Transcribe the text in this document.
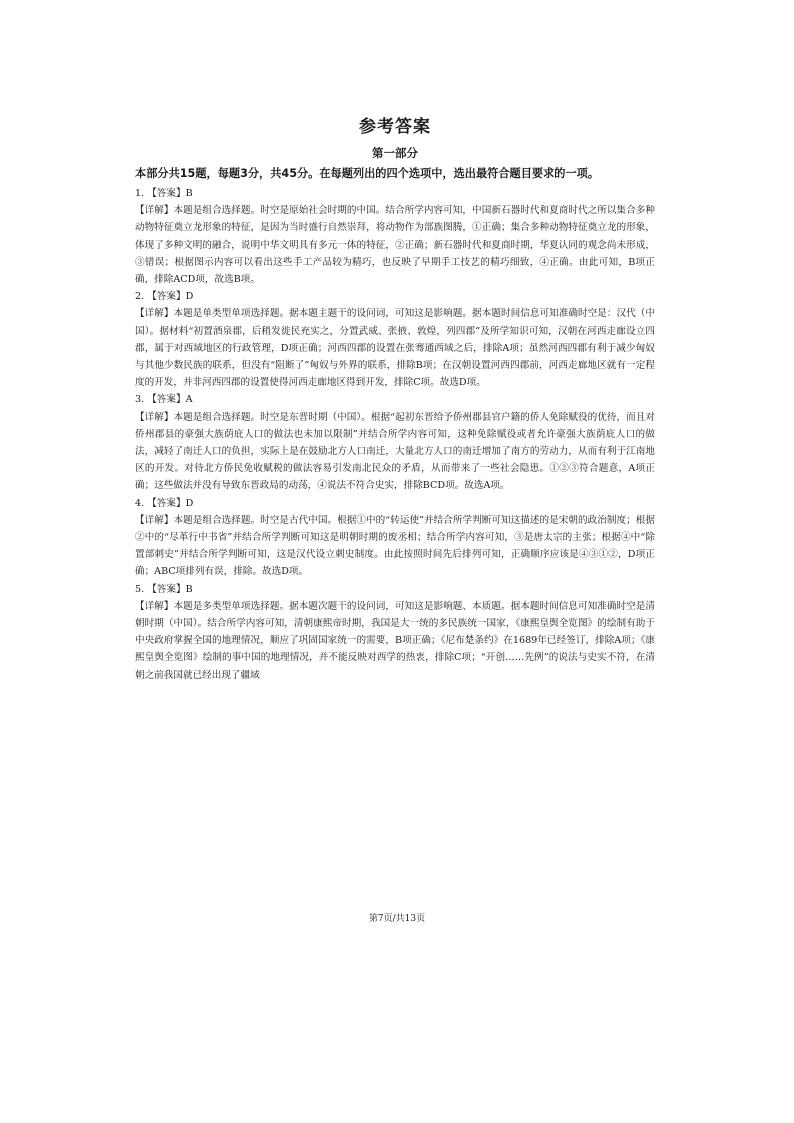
参考答案
第一部分

本部分共15题，每题3分，共45分。在每题列出的四个选项中，选出最符合题目要求的一项。

1. 【答案】B

【详解】本题是组合选择题。时空是原始社会时期的中国。结合所学内容可知，中国新石器时代和夏商时代之所以集合多种动物特征奠立龙形象的特征，是因为当时盛行自然崇拜，将动物作为部族图腾，①正确；集合多种动物特征奠立龙的形象，体现了多种文明的融合，说明中华文明具有多元一体的特征，②正确；新石器时代和夏商时期，华夏认同的观念尚未形成，③错误；根据图示内容可以看出这些手工产品较为精巧，也反映了早期手工技艺的精巧细致，④正确。由此可知，B项正确，排除ACD项，故选B项。

2. 【答案】D

【详解】本题是单类型单项选择题。据本题主题干的设问词，可知这是影响题。据本题时间信息可知准确时空是：汉代（中国）。据材料“初置酒泉郡，后稍发徙民充实之，分置武威、张掖、敦煌，列四郡”及所学知识可知，汉朝在河西走廊设立四郡，属于对西域地区的行政管理，D项正确；河西四郡的设置在张骞通西域之后，排除A项；虽然河西四郡有利于减少匈奴与其他少数民族的联系，但没有“阻断了”匈奴与外界的联系，排除B项；在汉朝设置河西四郡前，河西走廊地区就有一定程度的开发，并非河西四郡的设置使得河西走廊地区得到开发，排除C项。故选D项。

3. 【答案】A

【详解】本题是组合选择题。时空是东晋时期（中国）。根据“起初东晋给予侨州郡县官户籍的侨人免除赋役的优待，而且对侨州郡县的豪强大族荫庇人口的做法也未加以限制”并结合所学内容可知，这种免除赋役或者允许豪强大族荫庇人口的做法，减轻了南迁人口的负担，实际上是在鼓励北方人口南迁，大量北方人口的南迁增加了南方的劳动力，从而有利于江南地区的开发。对待北方侨民免收赋税的做法容易引发南北民众的矛盾，从而带来了一些社会隐患。①②③符合题意，A项正确；这些做法并没有导致东晋政局的动荡，④说法不符合史实，排除BCD项。故选A项。

4. 【答案】D

【详解】本题是组合选择题。时空是古代中国。根据①中的“转运使”并结合所学判断可知这描述的是宋朝的政治制度；根据②中的“尽革行中书省”并结合所学判断可知这是明朝时期的废丞相；结合所学内容可知，③是唐太宗的主张；根据④中“除置部刺史”并结合所学判断可知，这是汉代设立刺史制度。由此按照时间先后排列可知，正确顺序应该是④③①②，D项正确；ABC项排列有误，排除。故选D项。

5. 【答案】B

【详解】本题是多类型单项选择题。据本题次题干的设问词，可知这是影响题、本质题。据本题时间信息可知准确时空是清朝时期（中国）。结合所学内容可知，清朝康熙帝时期，我国是大一统的多民族统一国家，《康熙皇舆全览图》的绘制有助于中央政府掌握全国的地理情况，顺应了巩固国家统一的需要，B项正确；《尼布楚条约》在1689年已经签订，排除A项；《康熙皇舆全览图》绘制的事中国的地理情况，并不能反映对西学的热衷，排除C项；“开创……先例”的说法与史实不符，在清朝之前我国就已经出现了疆域

第7页/共13页
